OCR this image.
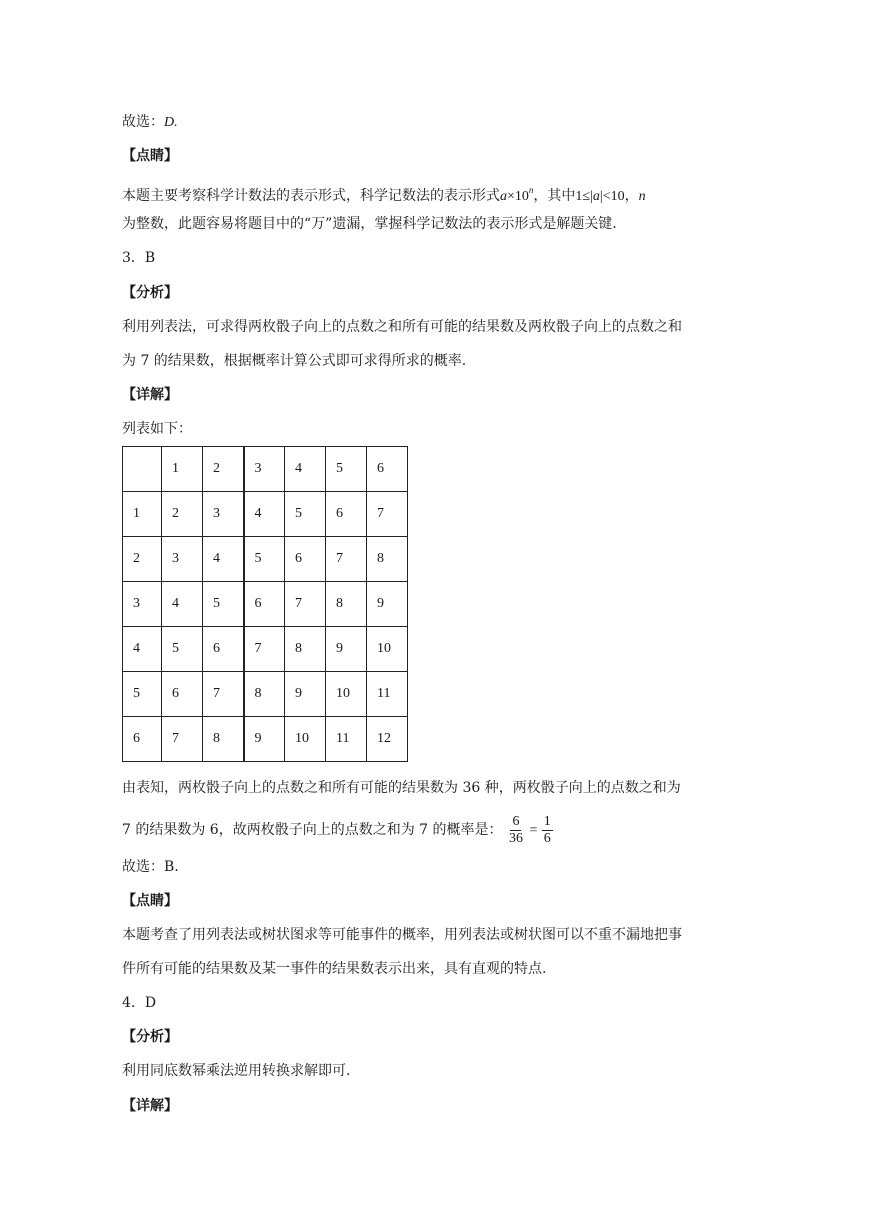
故选：D.
【点睛】
本题主要考察科学计数法的表示形式，科学记数法的表示形式$a\times 10^n$，其中1≤|a|<10，n
为整数，此题容易将题目中的“万”遗漏，掌握科学记数法的表示形式是解题关键.
3．B
【分析】
利用列表法，可求得两枚骰子向上的点数之和所有可能的结果数及两枚骰子向上的点数之和
为 7 的结果数，根据概率计算公式即可求得所求的概率.
【详解】
列表如下：
	1	2	3	4	5	6
1	2	3	4	5	6	7
2	3	4	5	6	7	8
3	4	5	6	7	8	9
4	5	6	7	8	9	10
5	6	7	8	9	10	11
6	7	8	9	10	11	12
由表知，两枚骰子向上的点数之和所有可能的结果数为 36 种，两枚骰子向上的点数之和为
7 的结果数为 6，故两枚骰子向上的点数之和为 7 的概率是： $\frac{6}{36} = \frac{1}{6}$
故选：B.
【点睛】
本题考查了用列表法或树状图求等可能事件的概率，用列表法或树状图可以不重不漏地把事
件所有可能的结果数及某一事件的结果数表示出来，具有直观的特点.
4．D
【分析】
利用同底数幂乘法逆用转换求解即可.
【详解】
